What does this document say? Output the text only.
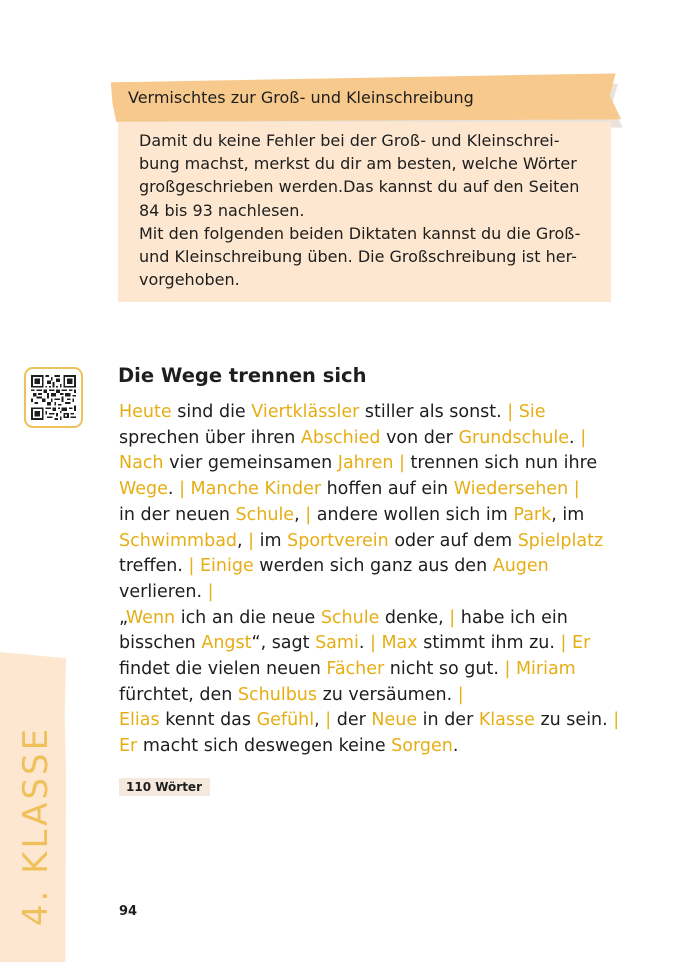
Vermischtes zur Groß- und Kleinschreibung

Damit du keine Fehler bei der Groß- und Kleinschrei-

bung machst, merkst du dir am besten, welche Wörter

großgeschrieben werden.Das kannst du auf den Seiten

84 bis 93 nachlesen.

Mit den folgenden beiden Diktaten kannst du die Groß-

und Kleinschreibung üben. Die Großschreibung ist her-

vorgehoben.

Die Wege trennen sich
Heute sind die Viertklässler stiller als sonst. | Sie
sprechen über ihren Abschied von der Grundschule. |
Nach vier gemeinsamen Jahren | trennen sich nun ihre
Wege. | Manche Kinder hoffen auf ein Wiedersehen |
in der neuen Schule, | andere wollen sich im Park, im
Schwimmbad, | im Sportverein oder auf dem Spielplatz
treffen. | Einige werden sich ganz aus den Augen
verlieren. |
„Wenn ich an die neue Schule denke, | habe ich ein
bisschen Angst“, sagt Sami. | Max stimmt ihm zu. | Er
findet die vielen neuen Fächer nicht so gut. | Miriam
fürchtet, den Schulbus zu versäumen. |
Elias kennt das Gefühl, | der Neue in der Klasse zu sein. |
Er macht sich deswegen keine Sorgen.
110 Wörter
4. KLASSE	94
